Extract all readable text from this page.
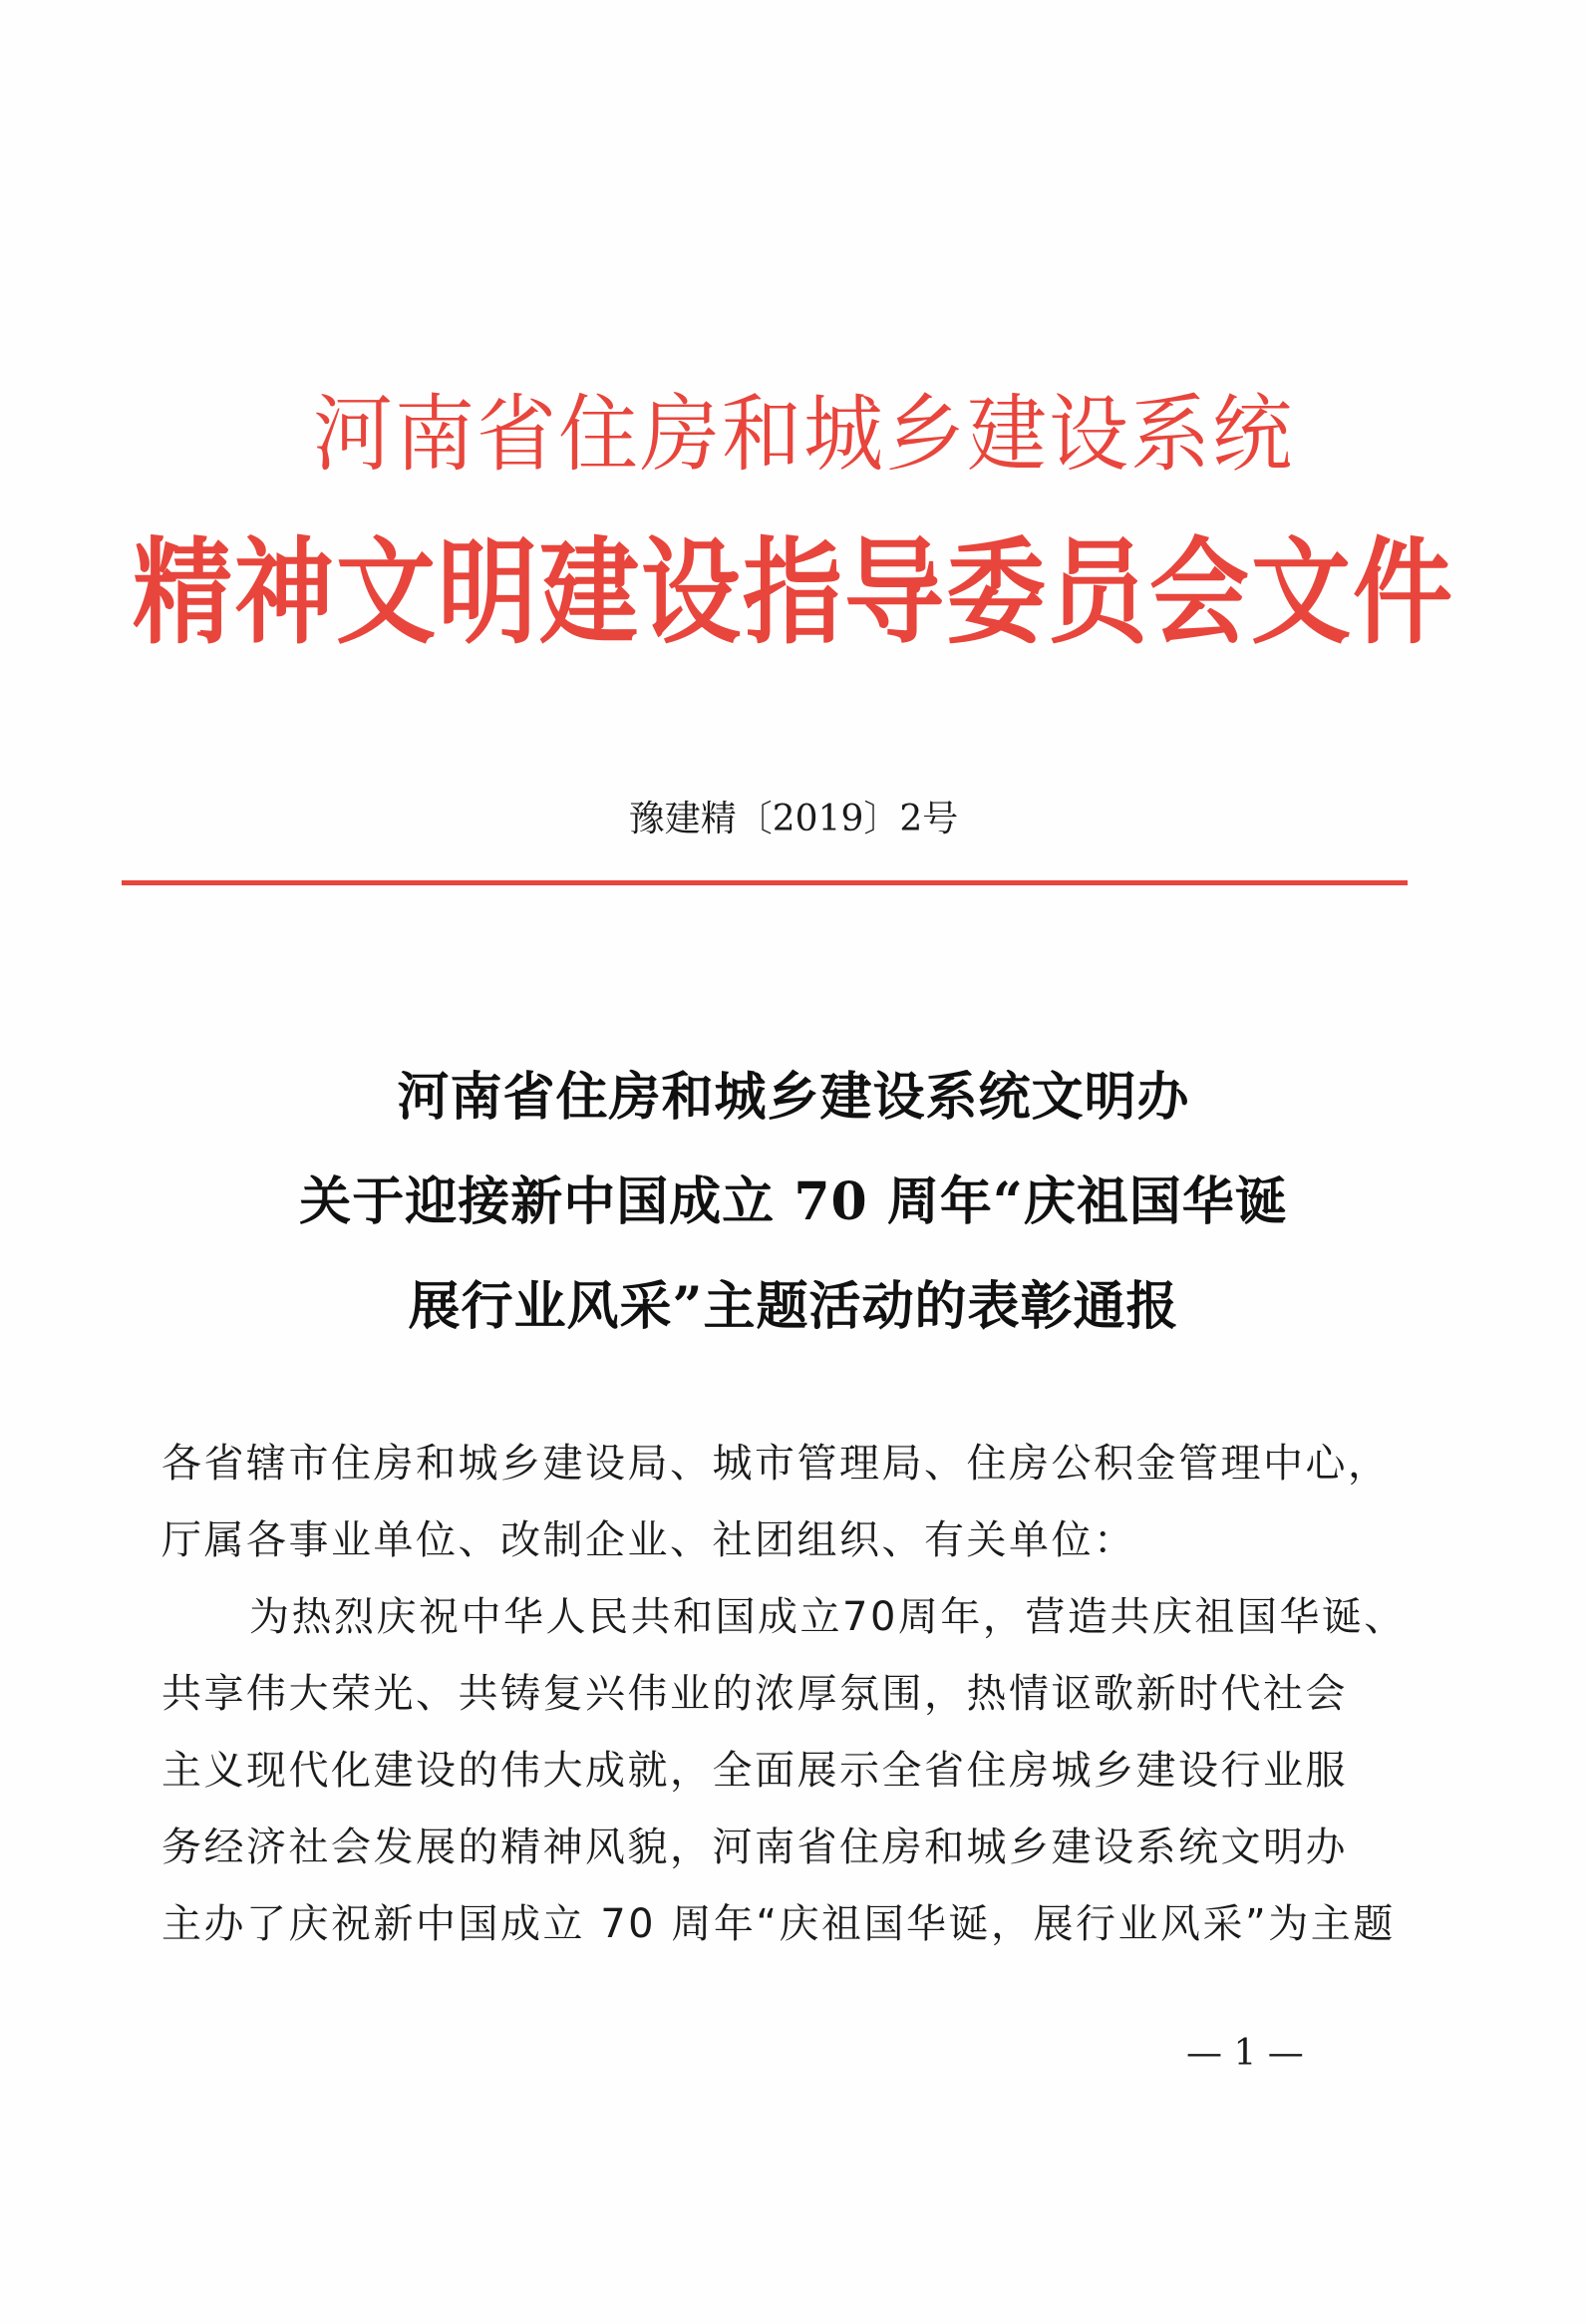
河南省住房和城乡建设系统
精神文明建设指导委员会文件
豫建精〔2019〕2号
河南省住房和城乡建设系统文明办
关于迎接新中国成立 70 周年“庆祖国华诞
展行业风采”主题活动的表彰通报
各省辖市住房和城乡建设局、城市管理局、住房公积金管理中心，
厅属各事业单位、改制企业、社团组织、有关单位：
为热烈庆祝中华人民共和国成立70周年，营造共庆祖国华诞、
共享伟大荣光、共铸复兴伟业的浓厚氛围，热情讴歌新时代社会
主义现代化建设的伟大成就，全面展示全省住房城乡建设行业服
务经济社会发展的精神风貌，河南省住房和城乡建设系统文明办
主办了庆祝新中国成立 70 周年“庆祖国华诞，展行业风采”为主题
— 1 —
